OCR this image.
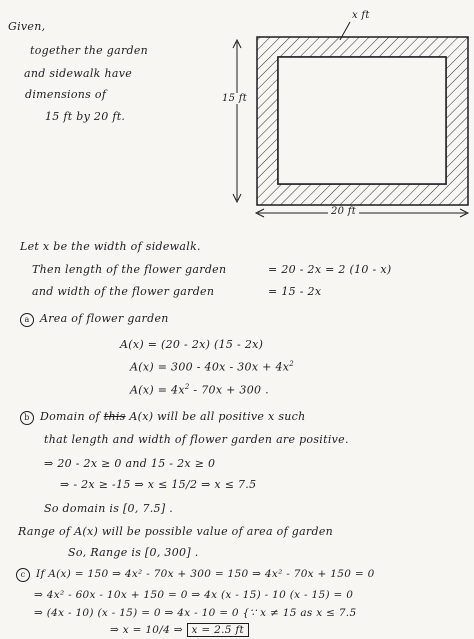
Given,
together the garden
and sidewalk have
dimensions of
15 ft by 20 ft.
x ft
15 ft
20 ft
Let x be the width of sidewalk.
Then length of the flower garden	= 20 - 2x = 2 (10 - x)
and width of the flower garden	= 15 - 2x
a Area of flower garden
A(x) = (20 - 2x) (15 - 2x)
$A(x) = 300 - 40x - 30x + 4x^2$
$A(x) = 4x^2 - 70x + 300$ .
b Domain of this A(x) will be all positive x such
that length and width of flower garden are positive.
⇒ 20 - 2x ≥ 0 and 15 - 2x ≥ 0
⇒ - 2x ≥ -15 ⇒ x ≤ 15/2 ⇒ x ≤ 7.5
So domain is [0, 7.5] .
Range of A(x) will be possible value of area of garden
So, Range is [0, 300] .
c If A(x) = 150 ⇒ 4x² - 70x + 300 = 150 ⇒ 4x² - 70x + 150 = 0
⇒ 4x² - 60x - 10x + 150 = 0 ⇒ 4x (x - 15) - 10 (x - 15) = 0
⇒ (4x - 10) (x - 15) = 0 ⇒ 4x - 10 = 0 {∵ x ≠ 15 as x ≤ 7.5
⇒ x = 10/4 ⇒ x = 2.5 ft
